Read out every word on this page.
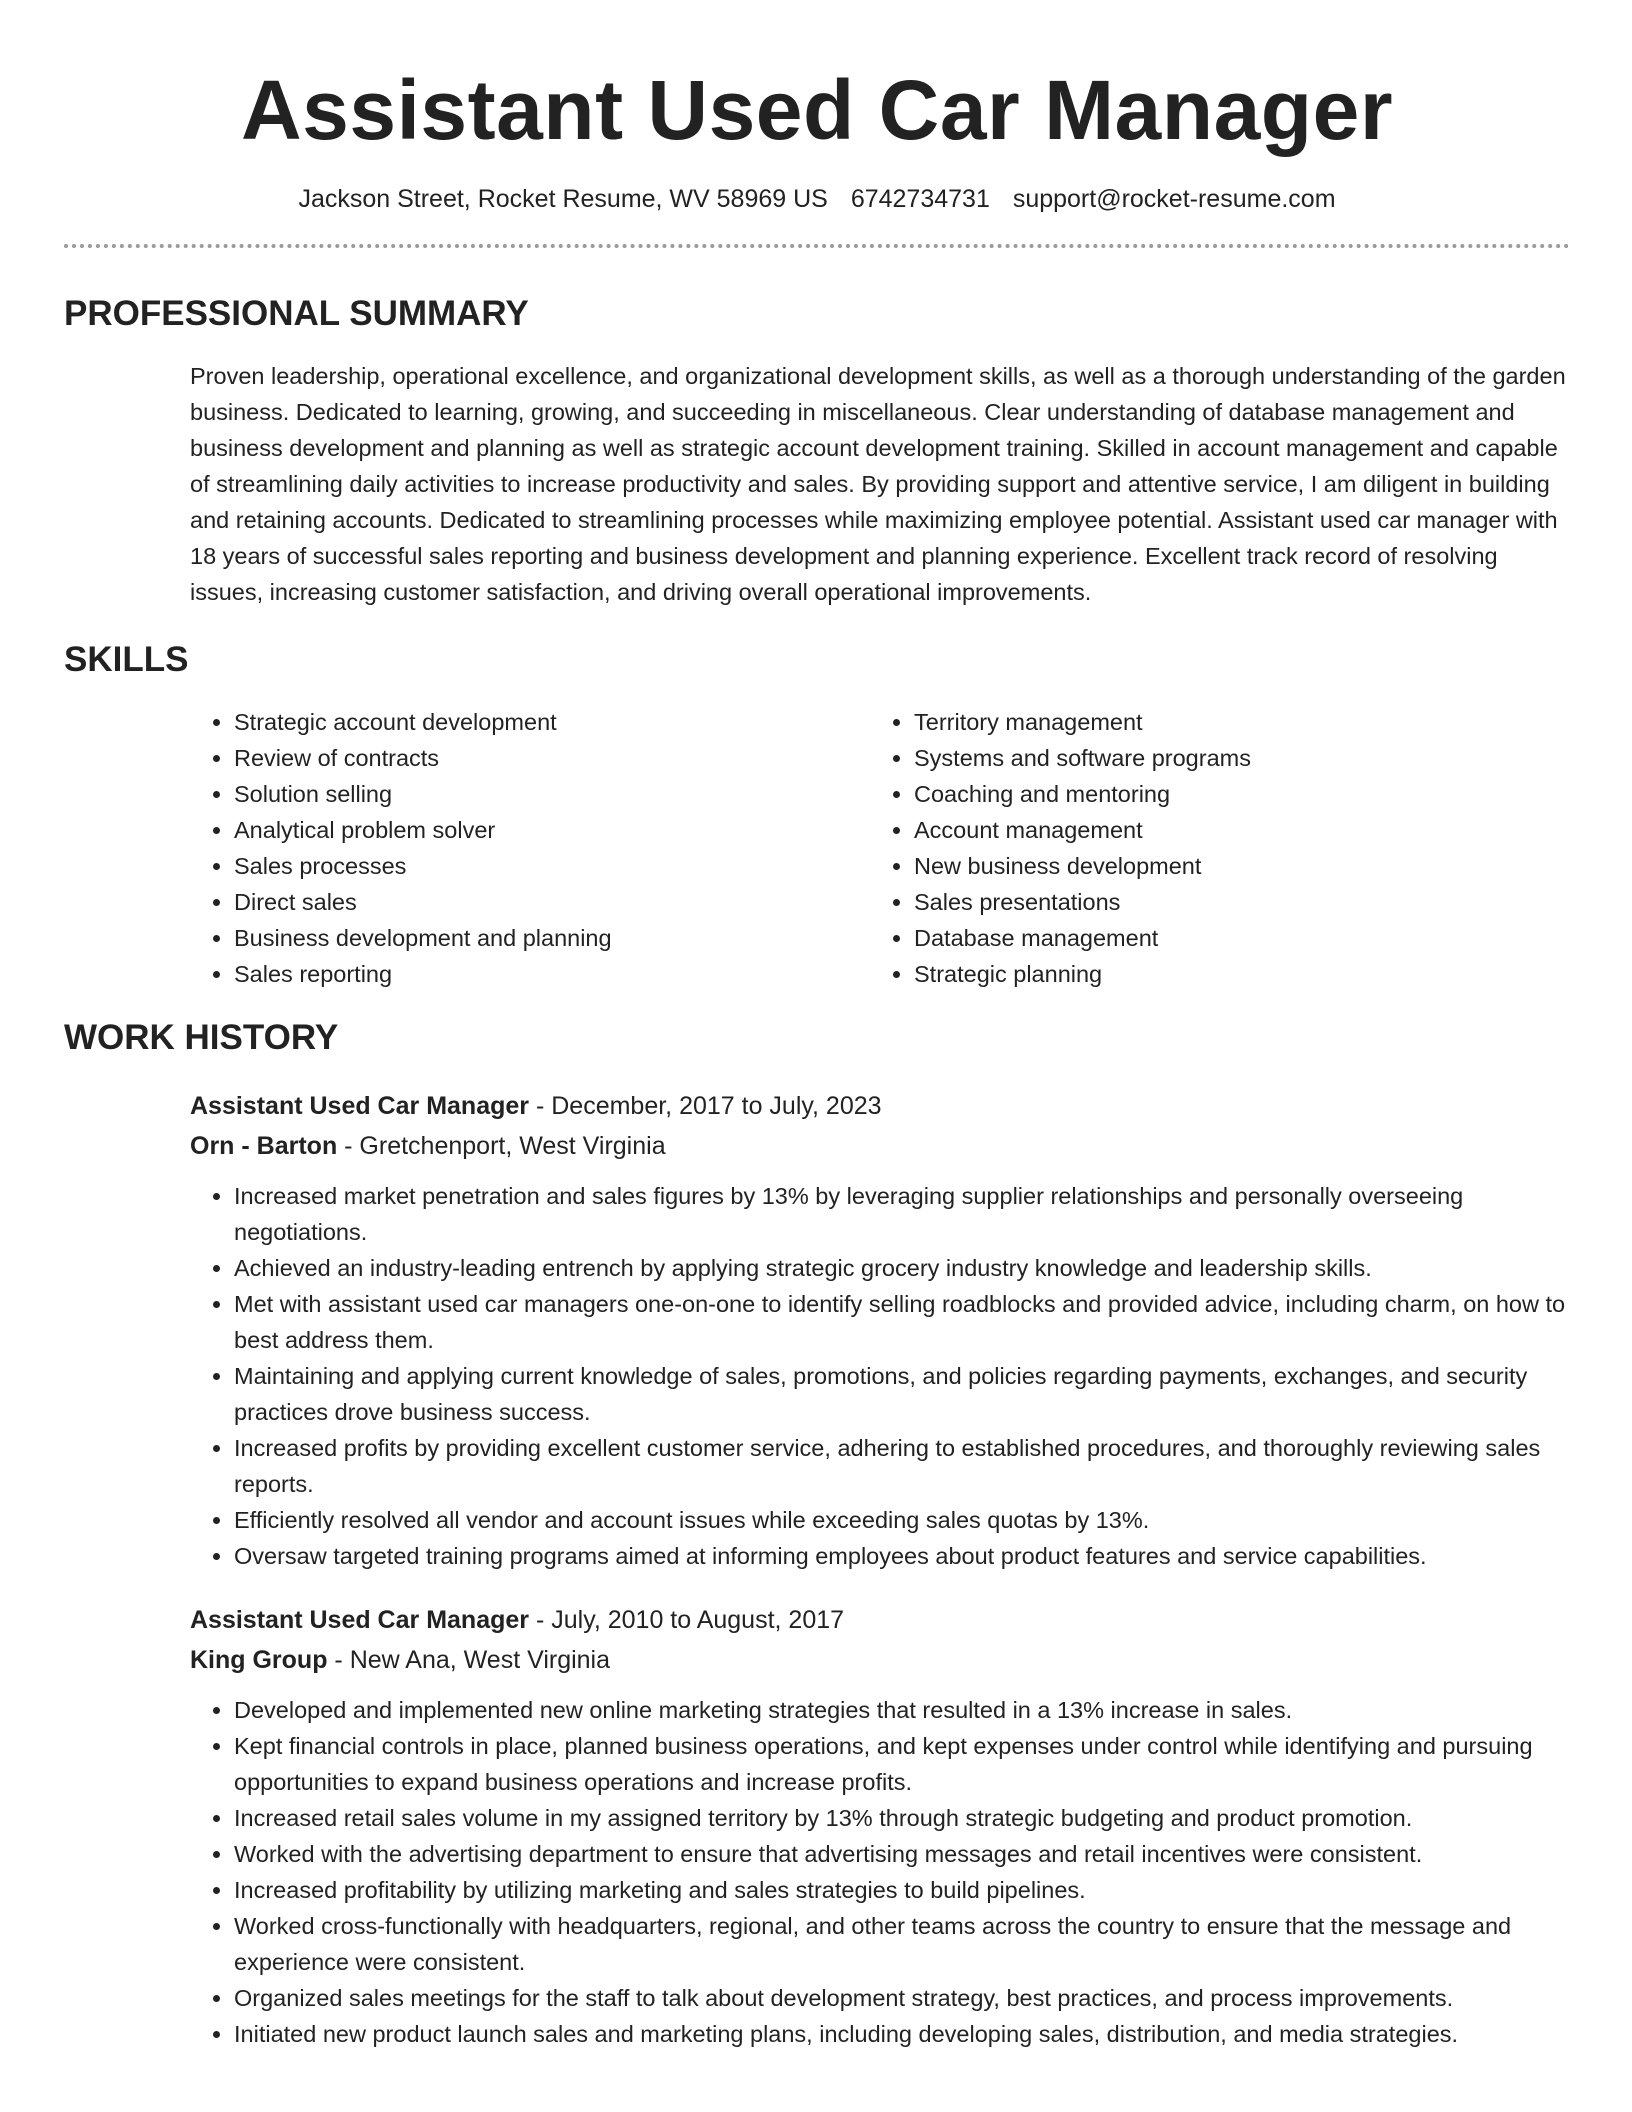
Assistant Used Car Manager
Jackson Street, Rocket Resume, WV 58969 US 6742734731 support@rocket-resume.com
PROFESSIONAL SUMMARY

Proven leadership, operational excellence, and organizational development skills, as well as a thorough understanding of the garden business. Dedicated to learning, growing, and succeeding in miscellaneous. Clear understanding of database management and business development and planning as well as strategic account development training. Skilled in account management and capable of streamlining daily activities to increase productivity and sales. By providing support and attentive service, I am diligent in building and retaining accounts. Dedicated to streamlining processes while maximizing employee potential. Assistant used car manager with 18 years of successful sales reporting and business development and planning experience. Excellent track record of resolving issues, increasing customer satisfaction, and driving overall operational improvements.

SKILLS
• Strategic account development
• Review of contracts
• Solution selling
• Analytical problem solver
• Sales processes
• Direct sales
• Business development and planning
• Sales reporting
• Territory management
• Systems and software programs
• Coaching and mentoring
• Account management
• New business development
• Sales presentations
• Database management
• Strategic planning
WORK HISTORY
Assistant Used Car Manager - December, 2017 to July, 2023
Orn - Barton - Gretchenport, West Virginia
• Increased market penetration and sales figures by 13% by leveraging supplier relationships and personally overseeing negotiations.
• Achieved an industry-leading entrench by applying strategic grocery industry knowledge and leadership skills.
• Met with assistant used car managers one-on-one to identify selling roadblocks and provided advice, including charm, on how to best address them.
• Maintaining and applying current knowledge of sales, promotions, and policies regarding payments, exchanges, and security practices drove business success.
• Increased profits by providing excellent customer service, adhering to established procedures, and thoroughly reviewing sales reports.
• Efficiently resolved all vendor and account issues while exceeding sales quotas by 13%.
• Oversaw targeted training programs aimed at informing employees about product features and service capabilities.
Assistant Used Car Manager - July, 2010 to August, 2017
King Group - New Ana, West Virginia
• Developed and implemented new online marketing strategies that resulted in a 13% increase in sales.
• Kept financial controls in place, planned business operations, and kept expenses under control while identifying and pursuing opportunities to expand business operations and increase profits.
• Increased retail sales volume in my assigned territory by 13% through strategic budgeting and product promotion.
• Worked with the advertising department to ensure that advertising messages and retail incentives were consistent.
• Increased profitability by utilizing marketing and sales strategies to build pipelines.
• Worked cross-functionally with headquarters, regional, and other teams across the country to ensure that the message and experience were consistent.
• Organized sales meetings for the staff to talk about development strategy, best practices, and process improvements.
• Initiated new product launch sales and marketing plans, including developing sales, distribution, and media strategies.
